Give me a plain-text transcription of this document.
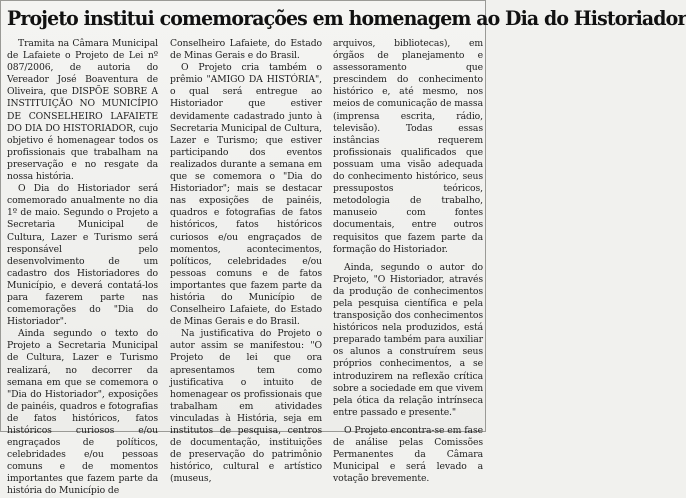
Projeto institui comemorações em homenagem ao Dia do Historiador

Tramita na Câmara Municipal de Lafaiete o Projeto de Lei nº 087/2006, de autoria do Vereador José Boaventura de Oliveira, que DISPÕE SOBRE A INSTITUIÇÃO NO MUNICÍPIO DE CONSELHEIRO LAFAIETE DO DIA DO HISTORIADOR, cujo objetivo é homenagear todos os profissionais que trabalham na preservação e no resgate da nossa história.

O Dia do Historiador será comemorado anualmente no dia 1º de maio. Segundo o Projeto a Secretaria Municipal de Cultura, Lazer e Turismo será responsável pelo desenvolvimento de um cadastro dos Historiadores do Município, e deverá contatá-los para fazerem parte nas comemorações do "Dia do Historiador".

Ainda segundo o texto do Projeto a Secretaria Municipal de Cultura, Lazer e Turismo realizará, no decorrer da semana em que se comemora o "Dia do Historiador", exposições de painéis, quadros e fotografias de fatos históricos, fatos históricos curiosos e/ou engraçados de políticos, celebridades e/ou pessoas comuns e de momentos importantes que fazem parte da história do Município de

Conselheiro Lafaiete, do Estado de Minas Gerais e do Brasil.

O Projeto cria também o prêmio "AMIGO DA HISTÓRIA", o qual será entregue ao Historiador que estiver devidamente cadastrado junto à Secretaria Municipal de Cultura, Lazer e Turismo; que estiver participando dos eventos realizados durante a semana em que se comemora o "Dia do Historiador"; mais se destacar nas exposições de painéis, quadros e fotografias de fatos históricos, fatos históricos curiosos e/ou engraçados de momentos, acontecimentos, políticos, celebridades e/ou pessoas comuns e de fatos importantes que fazem parte da história do Município de Conselheiro Lafaiete, do Estado de Minas Gerais e do Brasil.

Na justificativa do Projeto o autor assim se manifestou: "O Projeto de lei que ora apresentamos tem como justificativa o intuito de homenagear os profissionais que trabalham em atividades vinculadas à História, seja em institutos de pesquisa, centros de documentação, instituições de preservação do patrimônio histórico, cultural e artístico (museus,

arquivos, bibliotecas), em órgãos de planejamento e assessoramento que prescindem do conhecimento histórico e, até mesmo, nos meios de comunicação de massa (imprensa escrita, rádio, televisão). Todas essas instâncias requerem profissionais qualificados que possuam uma visão adequada do conhecimento histórico, seus pressupostos teóricos, metodologia de trabalho, manuseio com fontes documentais, entre outros requisitos que fazem parte da formação do Historiador.

Ainda, segundo o autor do Projeto, "O Historiador, através da produção de conhecimentos pela pesquisa científica e pela transposição dos conhecimentos históricos nela produzidos, está preparado também para auxiliar os alunos a construírem seus próprios conhecimentos, a se introduzirem na reflexão crítica sobre a sociedade em que vivem pela ótica da relação intrínseca entre passado e presente."

O Projeto encontra-se em fase de análise pelas Comissões Permanentes da Câmara Municipal e será levado a votação brevemente.
